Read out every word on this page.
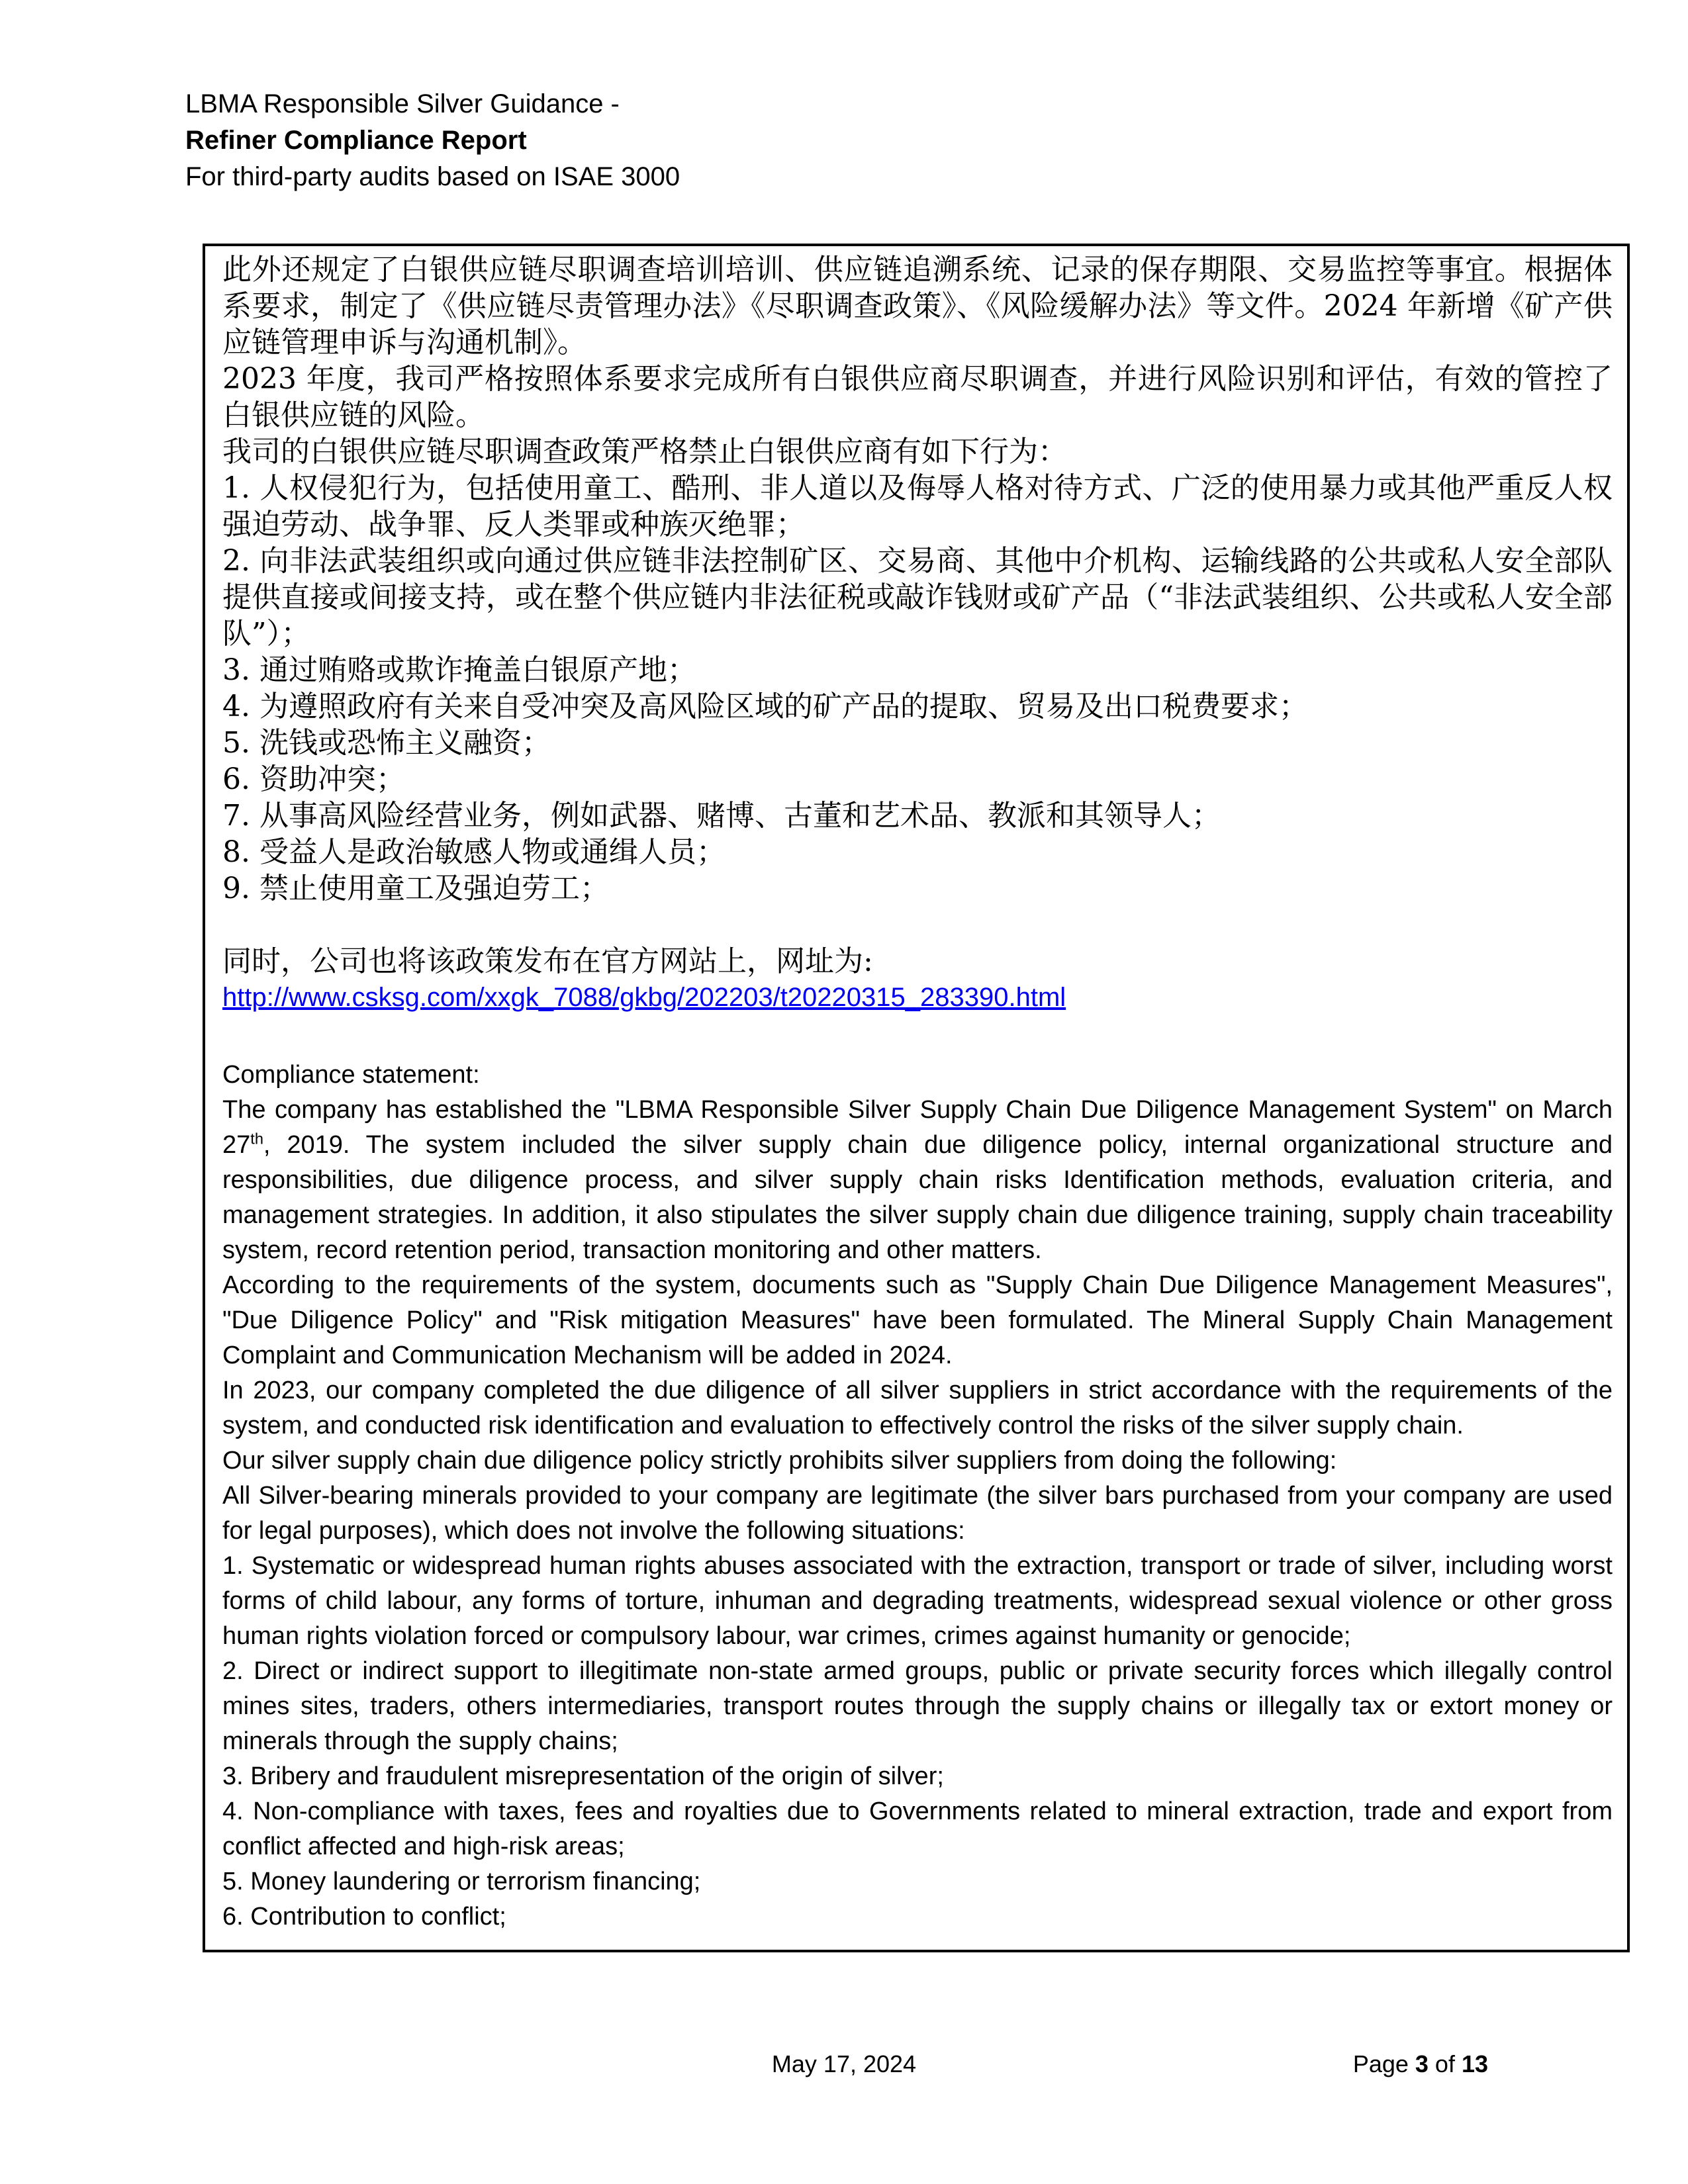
LBMA Responsible Silver Guidance -

Refiner Compliance Report

For third-party audits based on ISAE 3000

此外还规定了白银供应链尽职调查培训培训、供应链追溯系统、记录的保存期限、交易监控等事宜。根据体系要求，制定了《供应链尽责管理办法》《尽职调查政策》、《风险缓解办法》等文件。2024 年新增《矿产供应链管理申诉与沟通机制》。

2023 年度，我司严格按照体系要求完成所有白银供应商尽职调查，并进行风险识别和评估，有效的管控了白银供应链的风险。

我司的白银供应链尽职调查政策严格禁止白银供应商有如下行为：

1. 人权侵犯行为，包括使用童工、酷刑、非人道以及侮辱人格对待方式、广泛的使用暴力或其他严重反人权强迫劳动、战争罪、反人类罪或种族灭绝罪；

2. 向非法武装组织或向通过供应链非法控制矿区、交易商、其他中介机构、运输线路的公共或私人安全部队提供直接或间接支持，或在整个供应链内非法征税或敲诈钱财或矿产品（“非法武装组织、公共或私人安全部队”）；

3. 通过贿赂或欺诈掩盖白银原产地；

4. 为遵照政府有关来自受冲突及高风险区域的矿产品的提取、贸易及出口税费要求；

5. 洗钱或恐怖主义融资；

6. 资助冲突；

7. 从事高风险经营业务，例如武器、赌博、古董和艺术品、教派和其领导人；

8. 受益人是政治敏感人物或通缉人员；

9. 禁止使用童工及强迫劳工；

同时，公司也将该政策发布在官方网站上，网址为:

http://www.csksg.com/xxgk_7088/gkbg/202203/t20220315_283390.html

Compliance statement:

The company has established the "LBMA Responsible Silver Supply Chain Due Diligence Management System" on March 27th, 2019. The system included the silver supply chain due diligence policy, internal organizational structure and responsibilities, due diligence process, and silver supply chain risks Identification methods, evaluation criteria, and management strategies. In addition, it also stipulates the silver supply chain due diligence training, supply chain traceability system, record retention period, transaction monitoring and other matters.

According to the requirements of the system, documents such as "Supply Chain Due Diligence Management Measures", "Due Diligence Policy" and "Risk mitigation Measures" have been formulated. The Mineral Supply Chain Management Complaint and Communication Mechanism will be added in 2024.

In 2023, our company completed the due diligence of all silver suppliers in strict accordance with the requirements of the system, and conducted risk identification and evaluation to effectively control the risks of the silver supply chain.

Our silver supply chain due diligence policy strictly prohibits silver suppliers from doing the following:

All Silver-bearing minerals provided to your company are legitimate (the silver bars purchased from your company are used for legal purposes), which does not involve the following situations:

1. Systematic or widespread human rights abuses associated with the extraction, transport or trade of silver, including worst forms of child labour, any forms of torture, inhuman and degrading treatments, widespread sexual violence or other gross human rights violation forced or compulsory labour, war crimes, crimes against humanity or genocide;

2. Direct or indirect support to illegitimate non-state armed groups, public or private security forces which illegally control mines sites, traders, others intermediaries, transport routes through the supply chains or illegally tax or extort money or minerals through the supply chains;

3. Bribery and fraudulent misrepresentation of the origin of silver;

4. Non-compliance with taxes, fees and royalties due to Governments related to mineral extraction, trade and export from conflict affected and high-risk areas;

5. Money laundering or terrorism financing;

6. Contribution to conflict;

May 17, 2024	Page 3 of 13
